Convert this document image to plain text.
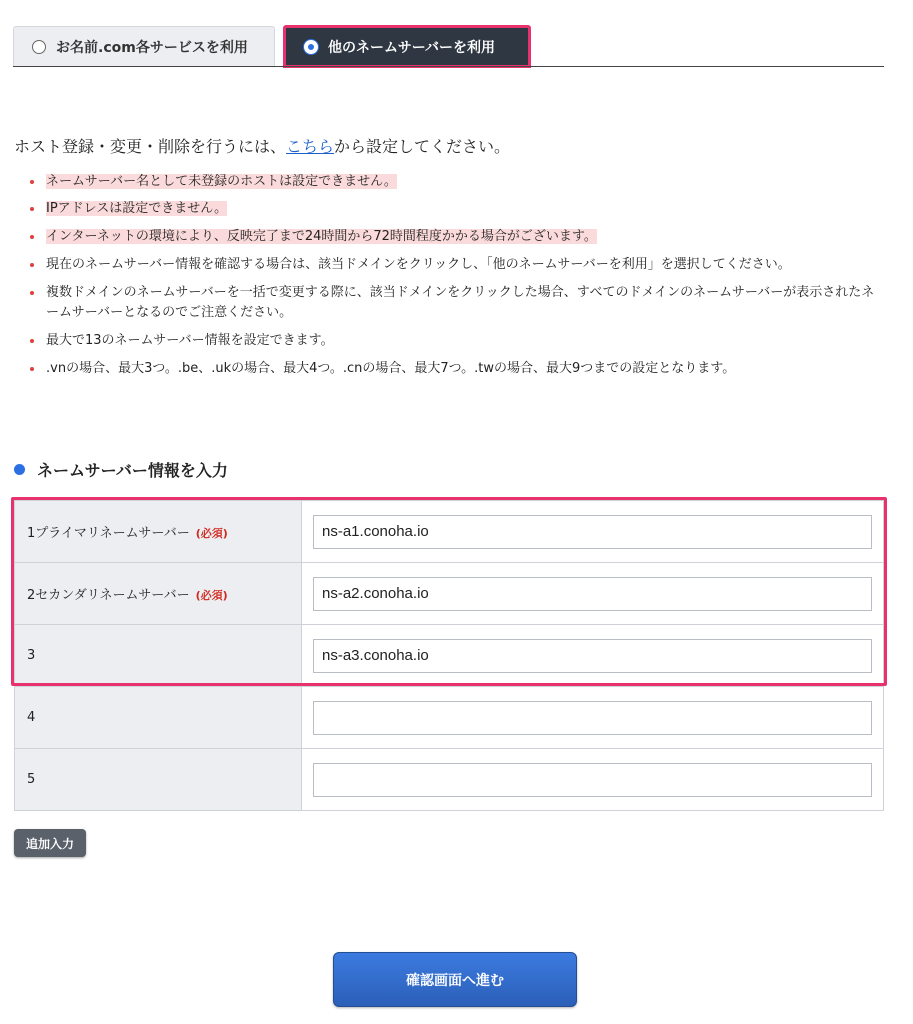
お名前.com各サービスを利用	他のネームサーバーを利用
ホスト登録・変更・削除を行うには、こちらから設定してください。
ネームサーバー名として未登録のホストは設定できません。
IPアドレスは設定できません。
インターネットの環境により、反映完了まで24時間から72時間程度かかる場合がございます。
現在のネームサーバー情報を確認する場合は、該当ドメインをクリックし、「他のネームサーバーを利用」を選択してください。
複数ドメインのネームサーバーを一括で変更する際に、該当ドメインをクリックした場合、すべてのドメインのネームサーバーが表示されたネームサーバーとなるのでご注意ください。
最大で13のネームサーバー情報を設定できます。
.vnの場合、最大3つ。.be、.ukの場合、最大4つ。.cnの場合、最大7つ。.twの場合、最大9つまでの設定となります。
ネームサーバー情報を入力
1プライマリネームサーバー (必須)	ns-a1.conoha.io
2セカンダリネームサーバー (必須)	ns-a2.conoha.io
3	ns-a3.conoha.io
4	
5	
追加入力
確認画面へ進む
